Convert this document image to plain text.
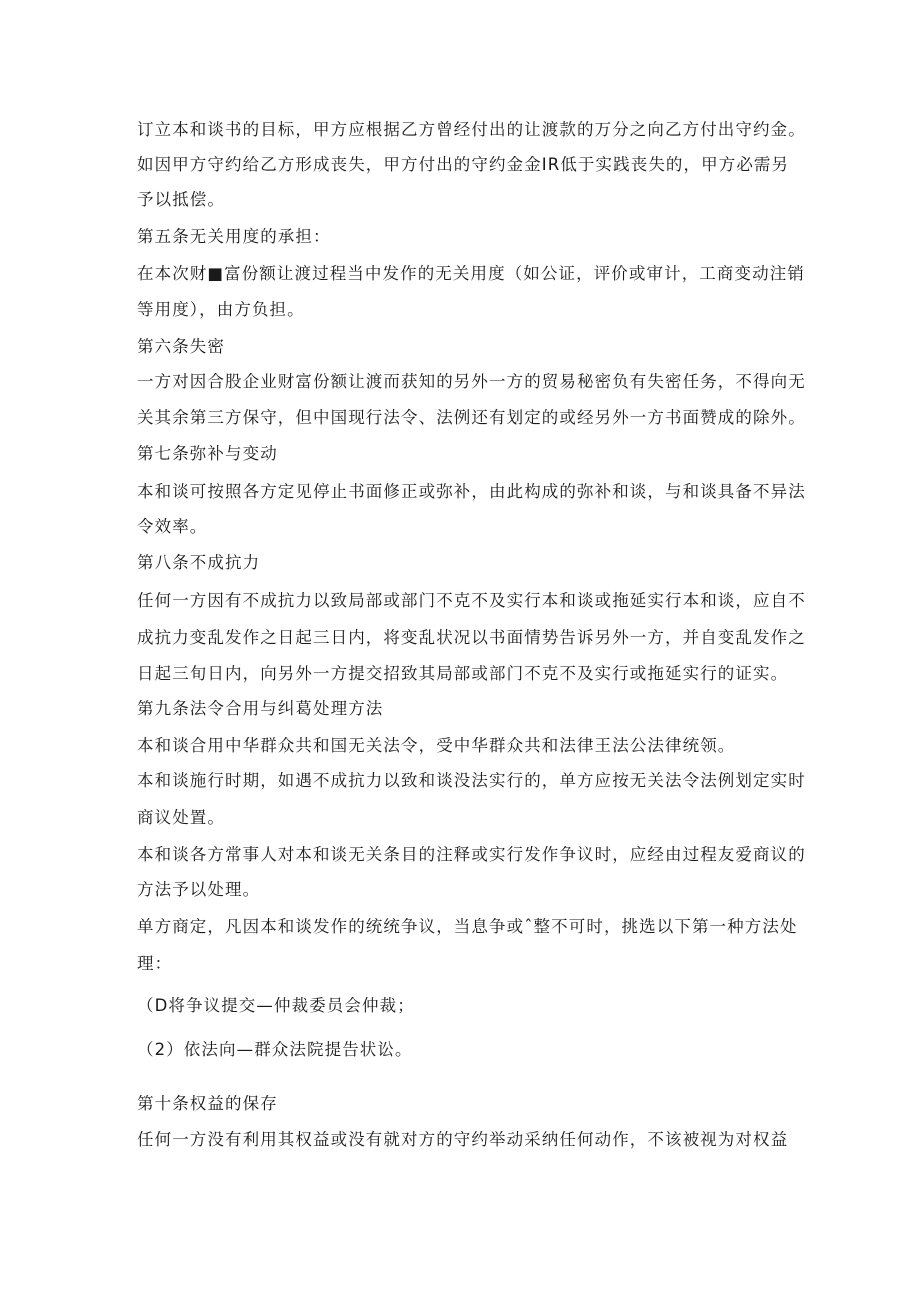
订立本和谈书的目标，甲方应根据乙方曾经付出的让渡款的万分之向乙方付出守约金。
如因甲方守约给乙方形成丧失，甲方付出的守约金金IR低于实践丧失的，甲方必需另
予以抵偿。
第五条无关用度的承担：
在本次财■富份额让渡过程当中发作的无关用度（如公证，评价或审计，工商变动注销
等用度），由方负担。
第六条失密
一方对因合股企业财富份额让渡而获知的另外一方的贸易秘密负有失密任务，不得向无
关其余第三方保守，但中国现行法令、法例还有划定的或经另外一方书面赞成的除外。
第七条弥补与变动
本和谈可按照各方定见停止书面修正或弥补，由此构成的弥补和谈，与和谈具备不异法
令效率。
第八条不成抗力
任何一方因有不成抗力以致局部或部门不克不及实行本和谈或拖延实行本和谈，应自不
成抗力变乱发作之日起三日内，将变乱状况以书面情势告诉另外一方，并自变乱发作之
日起三旬日内，向另外一方提交招致其局部或部门不克不及实行或拖延实行的证实。
第九条法令合用与纠葛处理方法
本和谈合用中华群众共和国无关法令，受中华群众共和法律王法公法律统领。
本和谈施行时期，如遇不成抗力以致和谈没法实行的，单方应按无关法令法例划定实时
商议处置。
本和谈各方常事人对本和谈无关条目的注释或实行发作争议时，应经由过程友爱商议的
方法予以处理。
单方商定，凡因本和谈发作的统统争议，当息争或ˆ整不可时，挑选以下第一种方法处
理：
（D将争议提交—仲裁委员会仲裁；
（2）依法向—群众法院提告状讼。
第十条权益的保存
任何一方没有利用其权益或没有就对方的守约举动采纳任何动作，不该被视为对权益
